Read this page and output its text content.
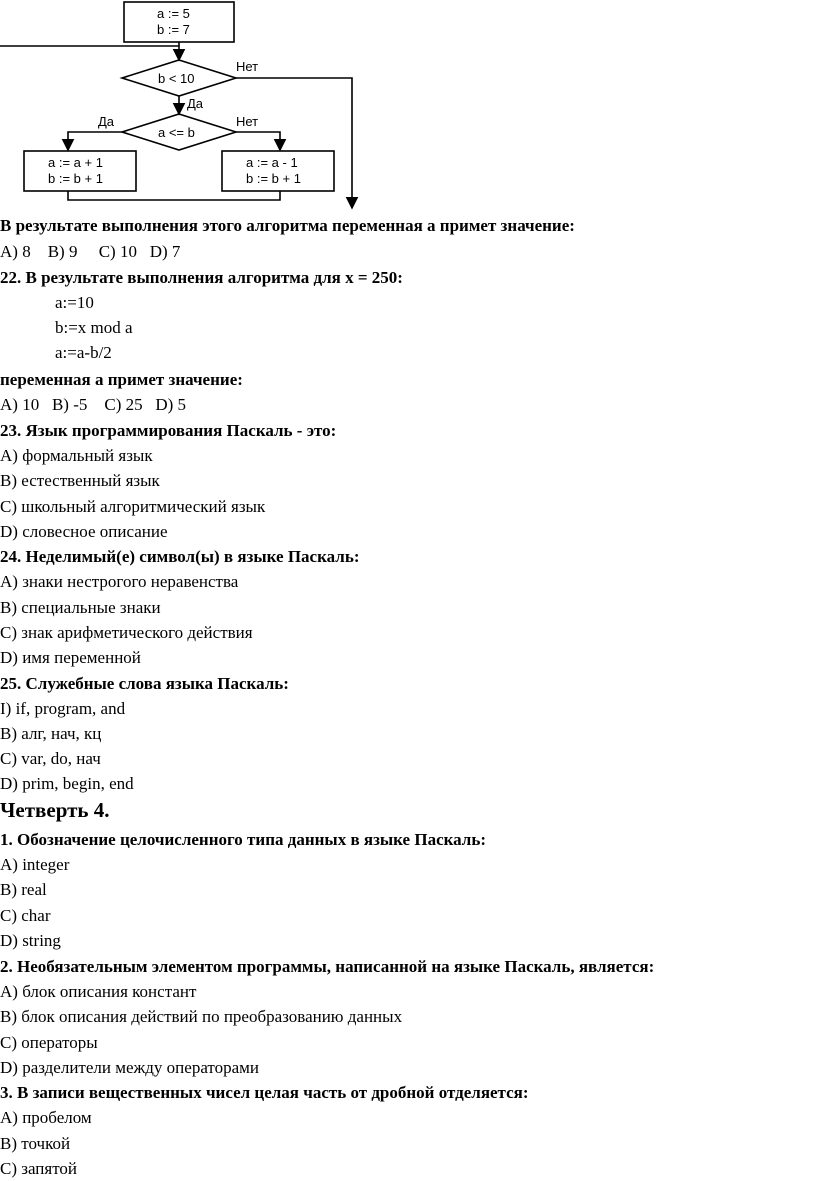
a := 5
b := 7
b < 10
Нет
Да
a <= b
Да	Нет
a := a + 1
b := b + 1
a := a - 1
b := b + 1
В результате выполнения этого алгоритма переменная а примет значение:
А) 8    В) 9     С) 10   D) 7
22. В результате выполнения алгоритма для x = 250:
a:=10
b:=x mod a
a:=a-b/2
переменная а примет значение:
А) 10   В) -5    С) 25   D) 5
23. Язык программирования Паскаль - это:
А) формальный язык
В) естественный язык
С) школьный алгоритмический язык
D) словесное описание
24. Неделимый(е) символ(ы) в языке Паскаль:
А) знаки нестрогого неравенства
В) специальные знаки
С) знак арифметического действия
D) имя переменной
25. Служебные слова языка Паскаль:
I) if, program, and
В) алг, нач, кц
С) var, do, нач
D) prim, begin, end
Четверть 4.
1. Обозначение целочисленного типа данных в языке Паскаль:
А) integer
В) real
С) char
D) string
2. Необязательным элементом программы, написанной на языке Паскаль, является:
А) блок описания констант
В) блок описания действий по преобразованию данных
С) операторы
D) разделители между операторами
3. В записи вещественных чисел целая часть от дробной отделяется:
А) пробелом
В) точкой
С) запятой
